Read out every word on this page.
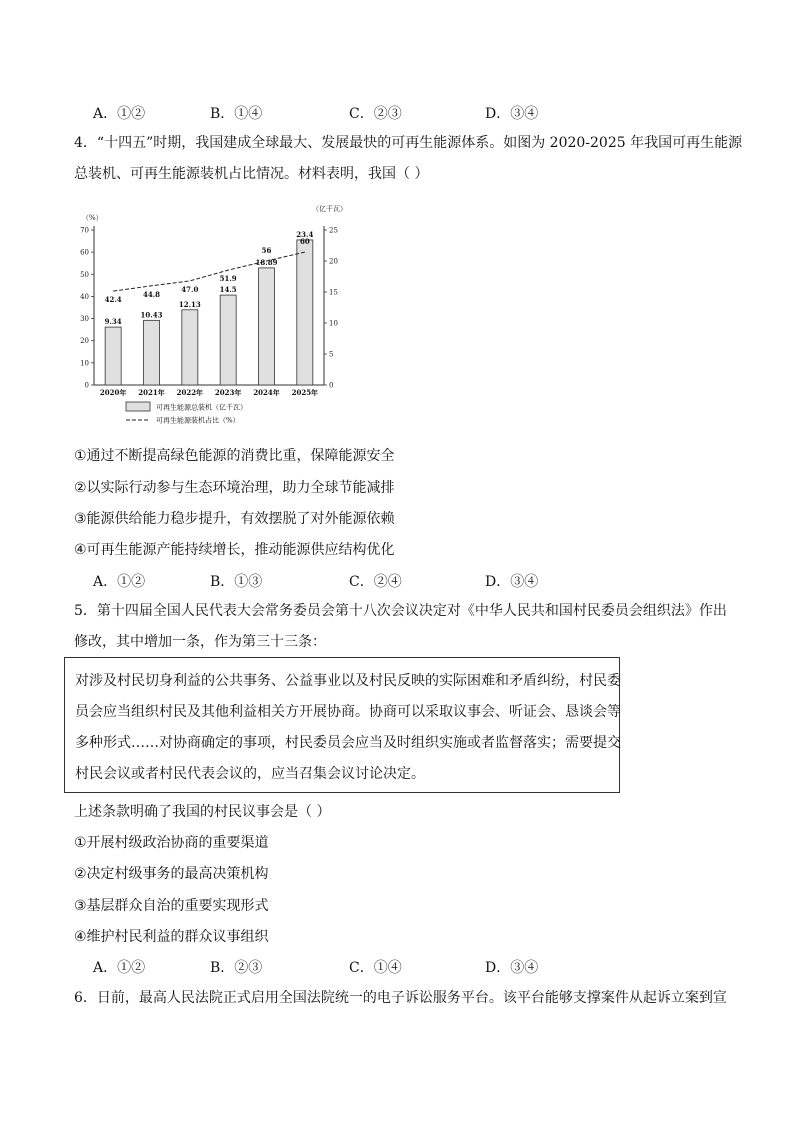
A．①②	B．①④	C．②③	D．③④
4．“十四五”时期，我国建成全球最大、发展最快的可再生能源体系。如图为 2020-2025 年我国可再生能源
总装机、可再生能源装机占比情况。材料表明，我国（ ）
（%）
（亿千瓦）
0
10
20
30
40
50
60
70
0
5
10
15
20
25
9.34
10.43
12.13
14.5
18.89
23.4
42.4
44.8
47.0
51.9
56
60
2020年 2021年 2022年 2023年 2024年 2025年
可再生能源总装机（亿千瓦）
可再生能源装机占比（%）
①通过不断提高绿色能源的消费比重，保障能源安全
②以实际行动参与生态环境治理，助力全球节能减排
③能源供给能力稳步提升，有效摆脱了对外能源依赖
④可再生能源产能持续增长，推动能源供应结构优化
A．①②	B．①③	C．②④	D．③④
5．第十四届全国人民代表大会常务委员会第十八次会议决定对《中华人民共和国村民委员会组织法》作出
修改，其中增加一条，作为第三十三条：
对涉及村民切身利益的公共事务、公益事业以及村民反映的实际困难和矛盾纠纷，村民委
员会应当组织村民及其他利益相关方开展协商。协商可以采取议事会、听证会、恳谈会等
多种形式……对协商确定的事项，村民委员会应当及时组织实施或者监督落实；需要提交
村民会议或者村民代表会议的，应当召集会议讨论决定。
上述条款明确了我国的村民议事会是（ ）
①开展村级政治协商的重要渠道
②决定村级事务的最高决策机构
③基层群众自治的重要实现形式
④维护村民利益的群众议事组织
A．①②	B．②③	C．①④	D．③④
6．日前，最高人民法院正式启用全国法院统一的电子诉讼服务平台。该平台能够支撑案件从起诉立案到宣
